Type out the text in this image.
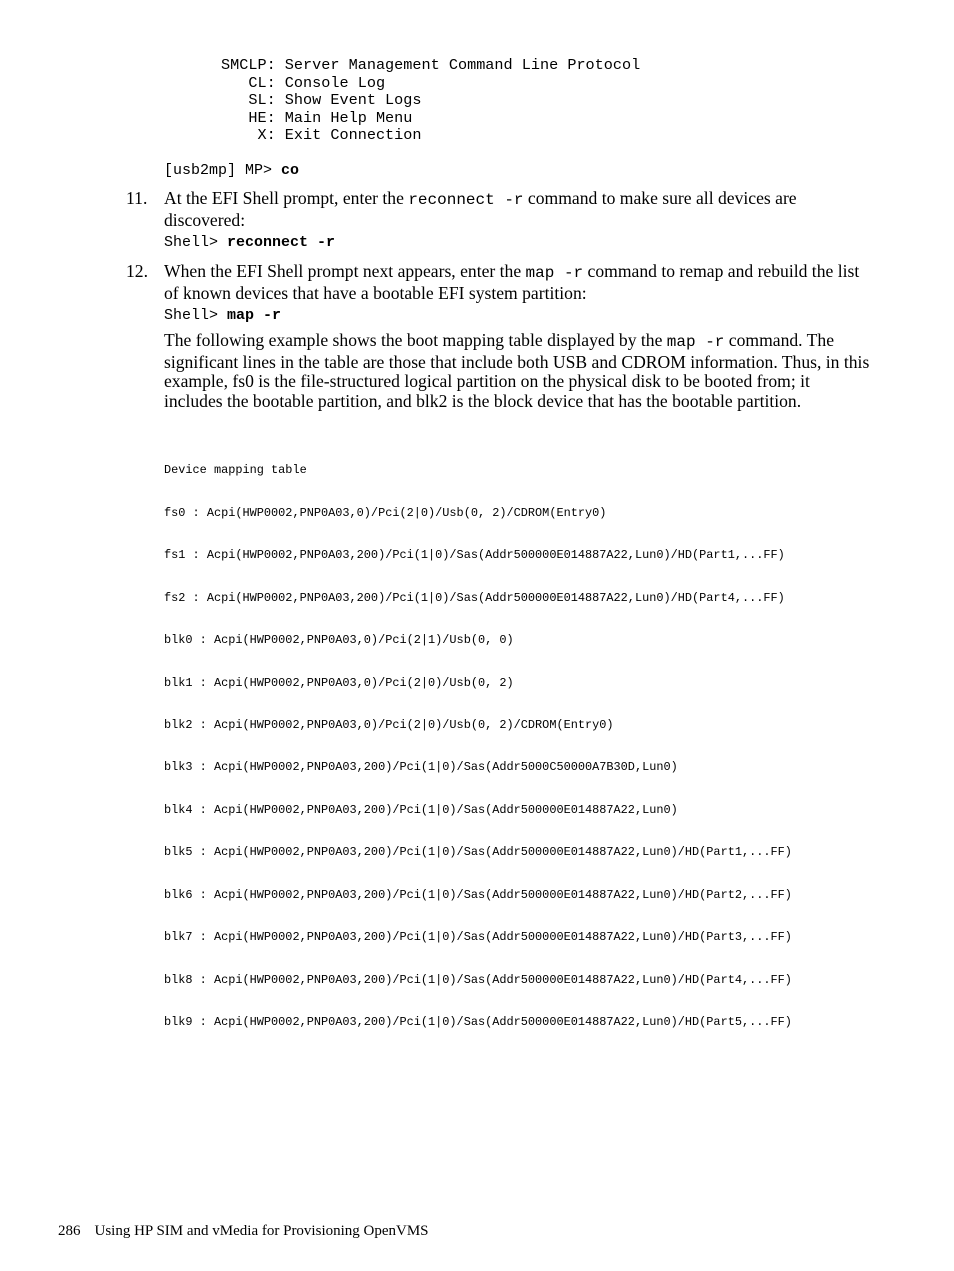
SMCLP: Server Management Command Line Protocol
CL: Console Log
SL: Show Event Logs
HE: Main Help Menu
X: Exit Connection
[usb2mp] MP> co
11. At the EFI Shell prompt, enter the reconnect -r command to make sure all devices are discovered:
Shell> reconnect -r
12. When the EFI Shell prompt next appears, enter the map -r command to remap and rebuild the list of known devices that have a bootable EFI system partition:
Shell> map -r
The following example shows the boot mapping table displayed by the map -r command. The significant lines in the table are those that include both USB and CDROM information. Thus, in this example, fs0 is the file-structured logical partition on the physical disk to be booted from; it includes the bootable partition, and blk2 is the block device that has the bootable partition.

Device mapping table

fs0 : Acpi(HWP0002,PNP0A03,0)/Pci(2|0)/Usb(0, 2)/CDROM(Entry0)

fs1 : Acpi(HWP0002,PNP0A03,200)/Pci(1|0)/Sas(Addr500000E014887A22,Lun0)/HD(Part1,...FF)

fs2 : Acpi(HWP0002,PNP0A03,200)/Pci(1|0)/Sas(Addr500000E014887A22,Lun0)/HD(Part4,...FF)

blk0 : Acpi(HWP0002,PNP0A03,0)/Pci(2|1)/Usb(0, 0)

blk1 : Acpi(HWP0002,PNP0A03,0)/Pci(2|0)/Usb(0, 2)

blk2 : Acpi(HWP0002,PNP0A03,0)/Pci(2|0)/Usb(0, 2)/CDROM(Entry0)

blk3 : Acpi(HWP0002,PNP0A03,200)/Pci(1|0)/Sas(Addr5000C50000A7B30D,Lun0)

blk4 : Acpi(HWP0002,PNP0A03,200)/Pci(1|0)/Sas(Addr500000E014887A22,Lun0)

blk5 : Acpi(HWP0002,PNP0A03,200)/Pci(1|0)/Sas(Addr500000E014887A22,Lun0)/HD(Part1,...FF)

blk6 : Acpi(HWP0002,PNP0A03,200)/Pci(1|0)/Sas(Addr500000E014887A22,Lun0)/HD(Part2,...FF)

blk7 : Acpi(HWP0002,PNP0A03,200)/Pci(1|0)/Sas(Addr500000E014887A22,Lun0)/HD(Part3,...FF)

blk8 : Acpi(HWP0002,PNP0A03,200)/Pci(1|0)/Sas(Addr500000E014887A22,Lun0)/HD(Part4,...FF)

blk9 : Acpi(HWP0002,PNP0A03,200)/Pci(1|0)/Sas(Addr500000E014887A22,Lun0)/HD(Part5,...FF)

286 Using HP SIM and vMedia for Provisioning OpenVMS
